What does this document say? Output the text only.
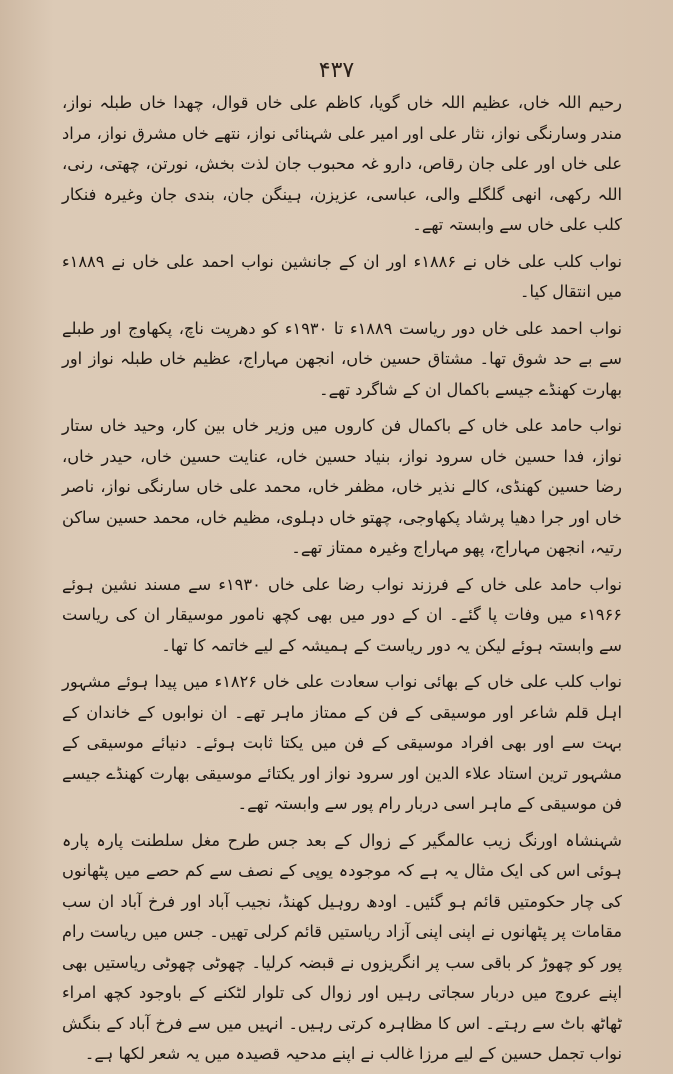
۴۳۷

رحیم اللہ خاں، عظیم اللہ خاں گویا، کاظم علی خاں قوال، چھدا خاں طبلہ نواز، مندر وسارنگی نواز، نثار علی اور امیر علی شہنائی نواز، نتھے خاں مشرق نواز، مراد علی خاں اور علی جان رقاص، دارو غہ محبوب جان لذت بخش، نورتن، چھتی، رنی، اللہ رکھی، انھی گلگلے والی، عباسی، عزیزن، ہینگن جان، بندی جان وغیرہ فنکار کلب علی خاں سے وابستہ تھے۔

نواب کلب علی خاں نے ۱۸۸۶ء اور ان کے جانشین نواب احمد علی خاں نے ۱۸۸۹ء میں انتقال کیا۔

نواب احمد علی خاں دور ریاست ۱۸۸۹ء تا ۱۹۳۰ء کو دھرپت ناچ، پکھاوج اور طبلے سے بے حد شوق تھا۔ مشتاق حسین خاں، انجھن مہاراج، عظیم خاں طبلہ نواز اور بھارت کھنڈے جیسے باکمال ان کے شاگرد تھے۔

نواب حامد علی خاں کے باکمال فن کاروں میں وزیر خاں بین کار، وحید خاں ستار نواز، فدا حسین خاں سرود نواز، بنیاد حسین خاں، عنایت حسین خاں، حیدر خاں، رضا حسین کھنڈی، کالے نذیر خاں، مظفر خاں، محمد علی خاں سارنگی نواز، ناصر خاں اور جرا دھیا پرشاد پکھاوجی، چھتو خاں دہلوی، مظیم خاں، محمد حسین ساکن رتیہ، انجھن مہاراج، پھو مہاراج وغیرہ ممتاز تھے۔

نواب حامد علی خاں کے فرزند نواب رضا علی خاں ۱۹۳۰ء سے مسند نشین ہوئے ۱۹۶۶ء میں وفات پا گئے۔ ان کے دور میں بھی کچھ نامور موسیقار ان کی ریاست سے وابستہ ہوئے لیکن یہ دور ریاست کے ہمیشہ کے لیے خاتمہ کا تھا۔

نواب کلب علی خاں کے بھائی نواب سعادت علی خاں ۱۸۲۶ء میں پیدا ہوئے مشہور اہل قلم شاعر اور موسیقی کے فن کے ممتاز ماہر تھے۔ ان نوابوں کے خاندان کے بہت سے اور بھی افراد موسیقی کے فن میں یکتا ثابت ہوئے۔ دنیائے موسیقی کے مشہور ترین استاد علاء الدین اور سرود نواز اور یکتائے موسیقی بھارت کھنڈے جیسے فن موسیقی کے ماہر اسی دربار رام پور سے وابستہ تھے۔

شہنشاہ اورنگ زیب عالمگیر کے زوال کے بعد جس طرح مغل سلطنت پارہ پارہ ہوئی اس کی ایک مثال یہ ہے کہ موجودہ یوپی کے نصف سے کم حصے میں پٹھانوں کی چار حکومتیں قائم ہو گئیں۔ اودھ روہیل کھنڈ، نجیب آباد اور فرخ آباد ان سب مقامات پر پٹھانوں نے اپنی اپنی آزاد ریاستیں قائم کرلی تھیں۔ جس میں ریاست رام پور کو چھوڑ کر باقی سب پر انگریزوں نے قبضہ کرلیا۔ چھوٹی چھوٹی ریاستیں بھی اپنے عروج میں دربار سجاتی رہیں اور زوال کی تلوار لٹکنے کے باوجود کچھ امراء ٹھاٹھ باٹ سے رہتے۔ اس کا مظاہرہ کرتی رہیں۔ انہیں میں سے فرخ آباد کے بنگش نواب تجمل حسین کے لیے مرزا غالب نے اپنے مدحیہ قصیدہ میں یہ شعر لکھا ہے۔
